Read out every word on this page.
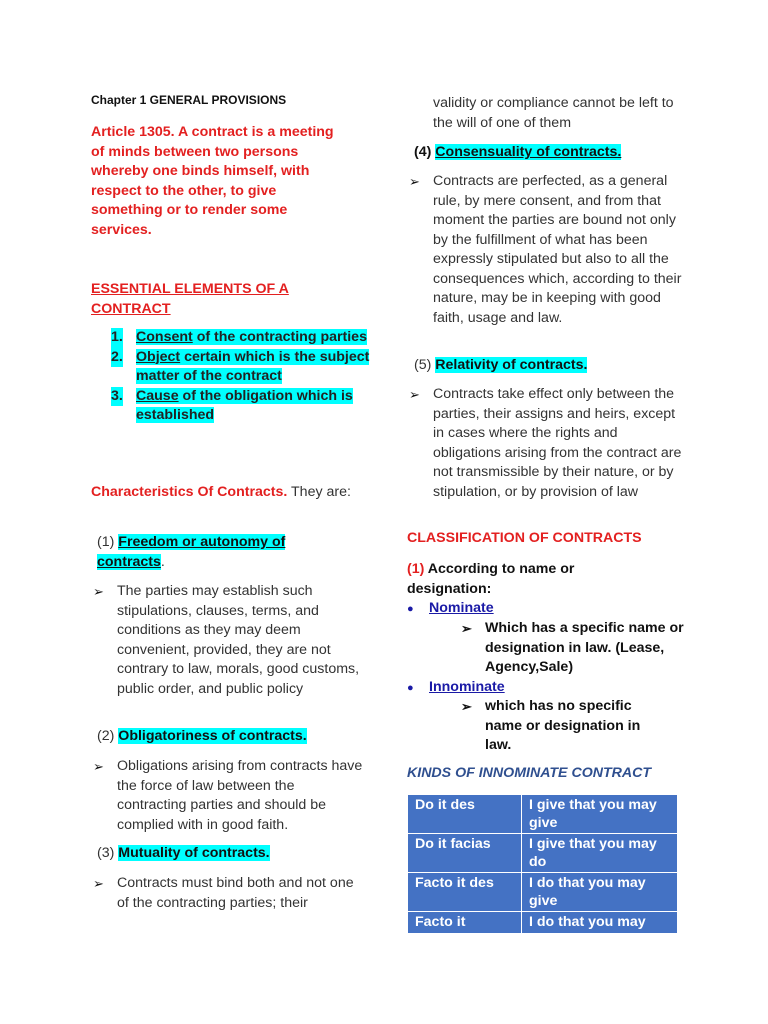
Chapter 1 GENERAL PROVISIONS
Article 1305. A contract is a meeting of minds between two persons whereby one binds himself, with respect to the other, to give something or to render some services.
ESSENTIAL ELEMENTS OF A CONTRACT
1. Consent of the contracting parties
2. Object certain which is the subject matter of the contract
3. Cause of the obligation which is established
Characteristics Of Contracts. They are:
(1) Freedom or autonomy of contracts.
➢ The parties may establish such stipulations, clauses, terms, and conditions as they may deem convenient, provided, they are not contrary to law, morals, good customs, public order, and public policy
(2) Obligatoriness of contracts.
➢ Obligations arising from contracts have the force of law between the contracting parties and should be complied with in good faith.
(3) Mutuality of contracts.
➢ Contracts must bind both and not one of the contracting parties; their
validity or compliance cannot be left to the will of one of them
(4) Consensuality of contracts.
➢ Contracts are perfected, as a general rule, by mere consent, and from that moment the parties are bound not only by the fulfillment of what has been expressly stipulated but also to all the consequences which, according to their nature, may be in keeping with good faith, usage and law.
(5) Relativity of contracts.
➢ Contracts take effect only between the parties, their assigns and heirs, except in cases where the rights and obligations arising from the contract are not transmissible by their nature, or by stipulation, or by provision of law
CLASSIFICATION OF CONTRACTS
(1) According to name or designation:
● Nominate
➢ Which has a specific name or designation in law. (Lease, Agency,Sale)
● Innominate
➢ which has no specific name or designation in law.
KINDS OF INNOMINATE CONTRACT
Do it des	I give that you may give
Do it facias	I give that you may do
Facto it des	I do that you may give
Facto it	I do that you may
